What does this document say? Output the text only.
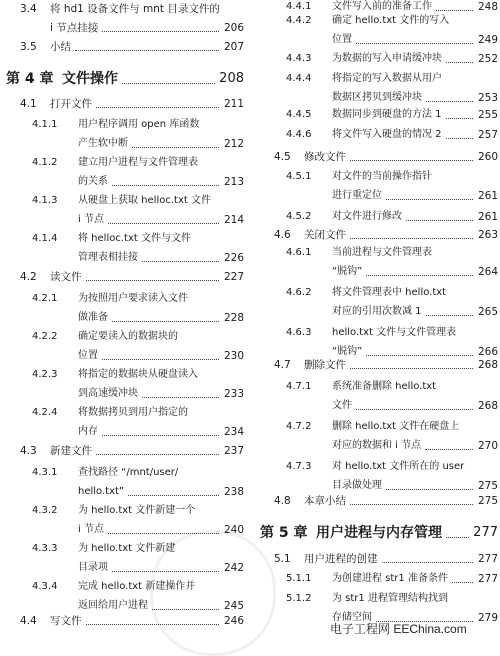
3.4 将 hd1 设备文件与 mnt 目录文件的
i 节点挂接	206
3.5 小结	207
第 4 章 文件操作	208
4.1 打开文件	211
4.1.1 用户程序调用 open 库函数
产生软中断	212
4.1.2 建立用户进程与文件管理表
的关系	213
4.1.3 从硬盘上获取 helloc.txt 文件
i 节点	214
4.1.4 将 helloc.txt 文件与文件
管理表相挂接	226
4.2 读文件	227
4.2.1 为按照用户要求读入文件
做准备	228
4.2.2 确定要读入的数据块的
位置	230
4.2.3 将指定的数据块从硬盘读入
到高速缓冲块	233
4.2.4 将数据拷贝到用户指定的
内存	234
4.3 新建文件	237
4.3.1 查找路径 “/mnt/user/
hello.txt”	238
4.3.2 为 hello.txt 文件新建一个
i 节点	240
4.3.3 为 hello.txt 文件新建
目录项	242
4.3.4 完成 hello.txt 新建操作并
返回给用户进程	245
4.4 写文件	246
4.4.1 文件写入前的准备工作	248
4.4.2 确定 hello.txt 文件的写入
位置	249
4.4.3 为数据的写入申请缓冲块	252
4.4.4 将指定的写入数据从用户
数据区拷贝到缓冲块	253
4.4.5 数据同步到硬盘的方法 1	255
4.4.6 将文件写入硬盘的情况 2	257
4.5 修改文件	260
4.5.1 对文件的当前操作指针
进行重定位	261
4.5.2 对文件进行修改	261
4.6 关闭文件	263
4.6.1 当前进程与文件管理表
“脱钩”	264
4.6.2 将文件管理表中 hello.txt
对应的引用次数减 1	265
4.6.3 hello.txt 文件与文件管理表
“脱钩”	266
4.7 删除文件	268
4.7.1 系统准备删除 hello.txt
文件	268
4.7.2 删除 hello.txt 文件在硬盘上
对应的数据和 i 节点	270
4.7.3 对 hello.txt 文件所在的 user
目录做处理	275
4.8 本章小结	275
第 5 章 用户进程与内存管理 277
5.1 用户进程的创建	277
5.1.1 为创建进程 str1 准备条件	277
5.1.2 为 str1 进程管理结构找到
存储空间	279
电子工程网 EEChina.com
